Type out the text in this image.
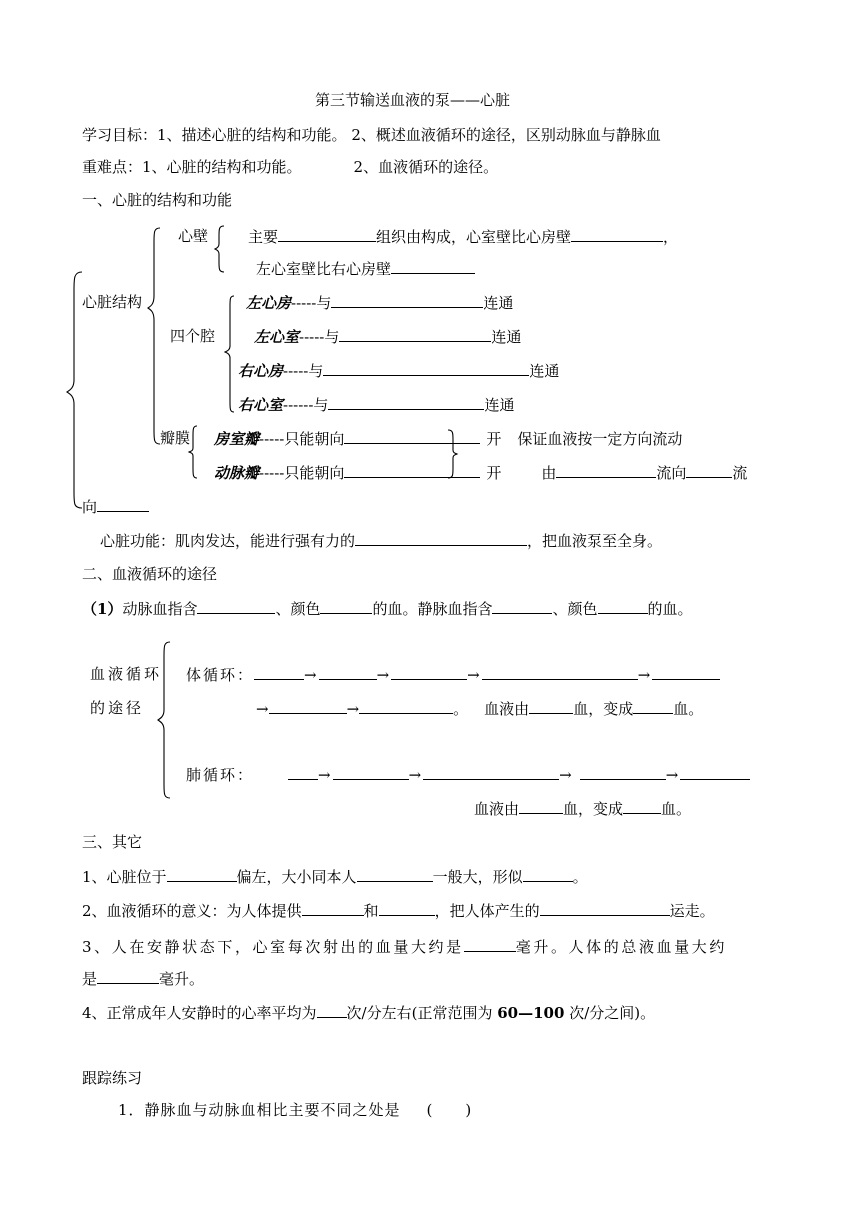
第三节输送血液的泵——心脏
学习目标：1、描述心脏的结构和功能。 2、概述血液循环的途径，区别动脉血与静脉血
重难点：1、心脏的结构和功能。	2、血液循环的途径。
一、心脏的结构和功能
心脏结构
心壁	主要	组织由构成，心室壁比心房壁	，
左心室壁比右心房壁
四个腔
左心房-----与	连通
左心室-----与	连通
右心房-----与	连通
右心室------与	连通
瓣膜 房室瓣-----只能朝向	开 保证血液按一定方向流动
动脉瓣-----只能朝向	开	由	流向	流
向
心脏功能：肌肉发达，能进行强有力的	，把血液泵至全身。
二、血液循环的途径
（1）动脉血指含	、颜色	的血。静脉血指含	、颜色	的血。
血液循环
的途径
体循环：	→	→	→	→
→	→	。 血液由	血，变成	血。
肺循环：	→	→	→	→
血液由	血，变成	血。
三、其它
1、心脏位于	偏左，大小同本人	一般大，形似	。
2、血液循环的意义：为人体提供	和	，把人体产生的	运走。
3、人在安静状态下，心室每次射出的血量大约是	毫升。人体的总液血量大约
是	毫升。
4、正常成年人安静时的心率平均为 次/分左右(正常范围为 60—100 次/分之间)。
跟踪练习
1．静脉血与动脉血相比主要不同之处是 (　　)
